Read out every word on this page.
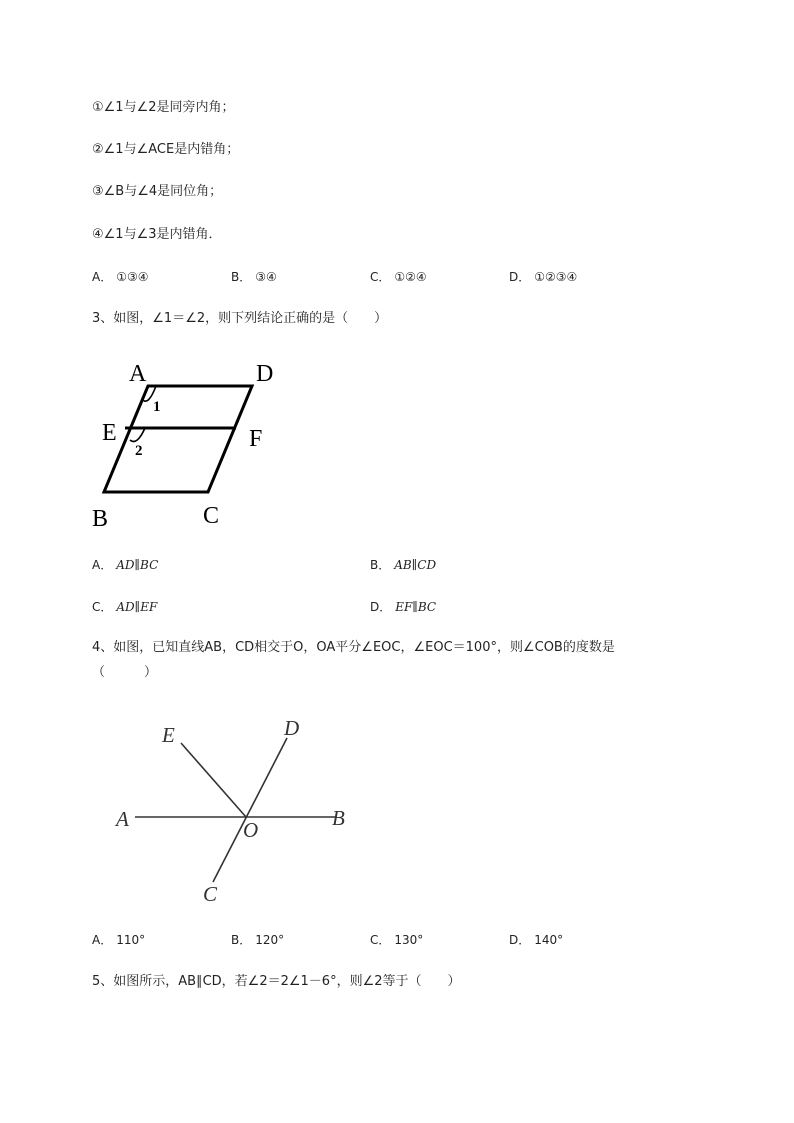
①∠1与∠2是同旁内角；
②∠1与∠ACE是内错角；
③∠B与∠4是同位角；
④∠1与∠3是内错角．
A． ①③④	B． ③④	C． ①②④	D． ①②③④
3、如图，∠1＝∠2，则下列结论正确的是（　　）
A	D
E	F
B	C
1
2
A． AD∥BC	B． AB∥CD
C． AD∥EF	D． EF∥BC
4、如图，已知直线AB，CD相交于O，OA平分∠EOC，∠EOC＝100°，则∠COB的度数是
（　　　）
E	D
A	O	B
C
A． 110°	B． 120°	C． 130°	D． 140°
5、如图所示，AB∥CD，若∠2＝2∠1－6°，则∠2等于（　　）
